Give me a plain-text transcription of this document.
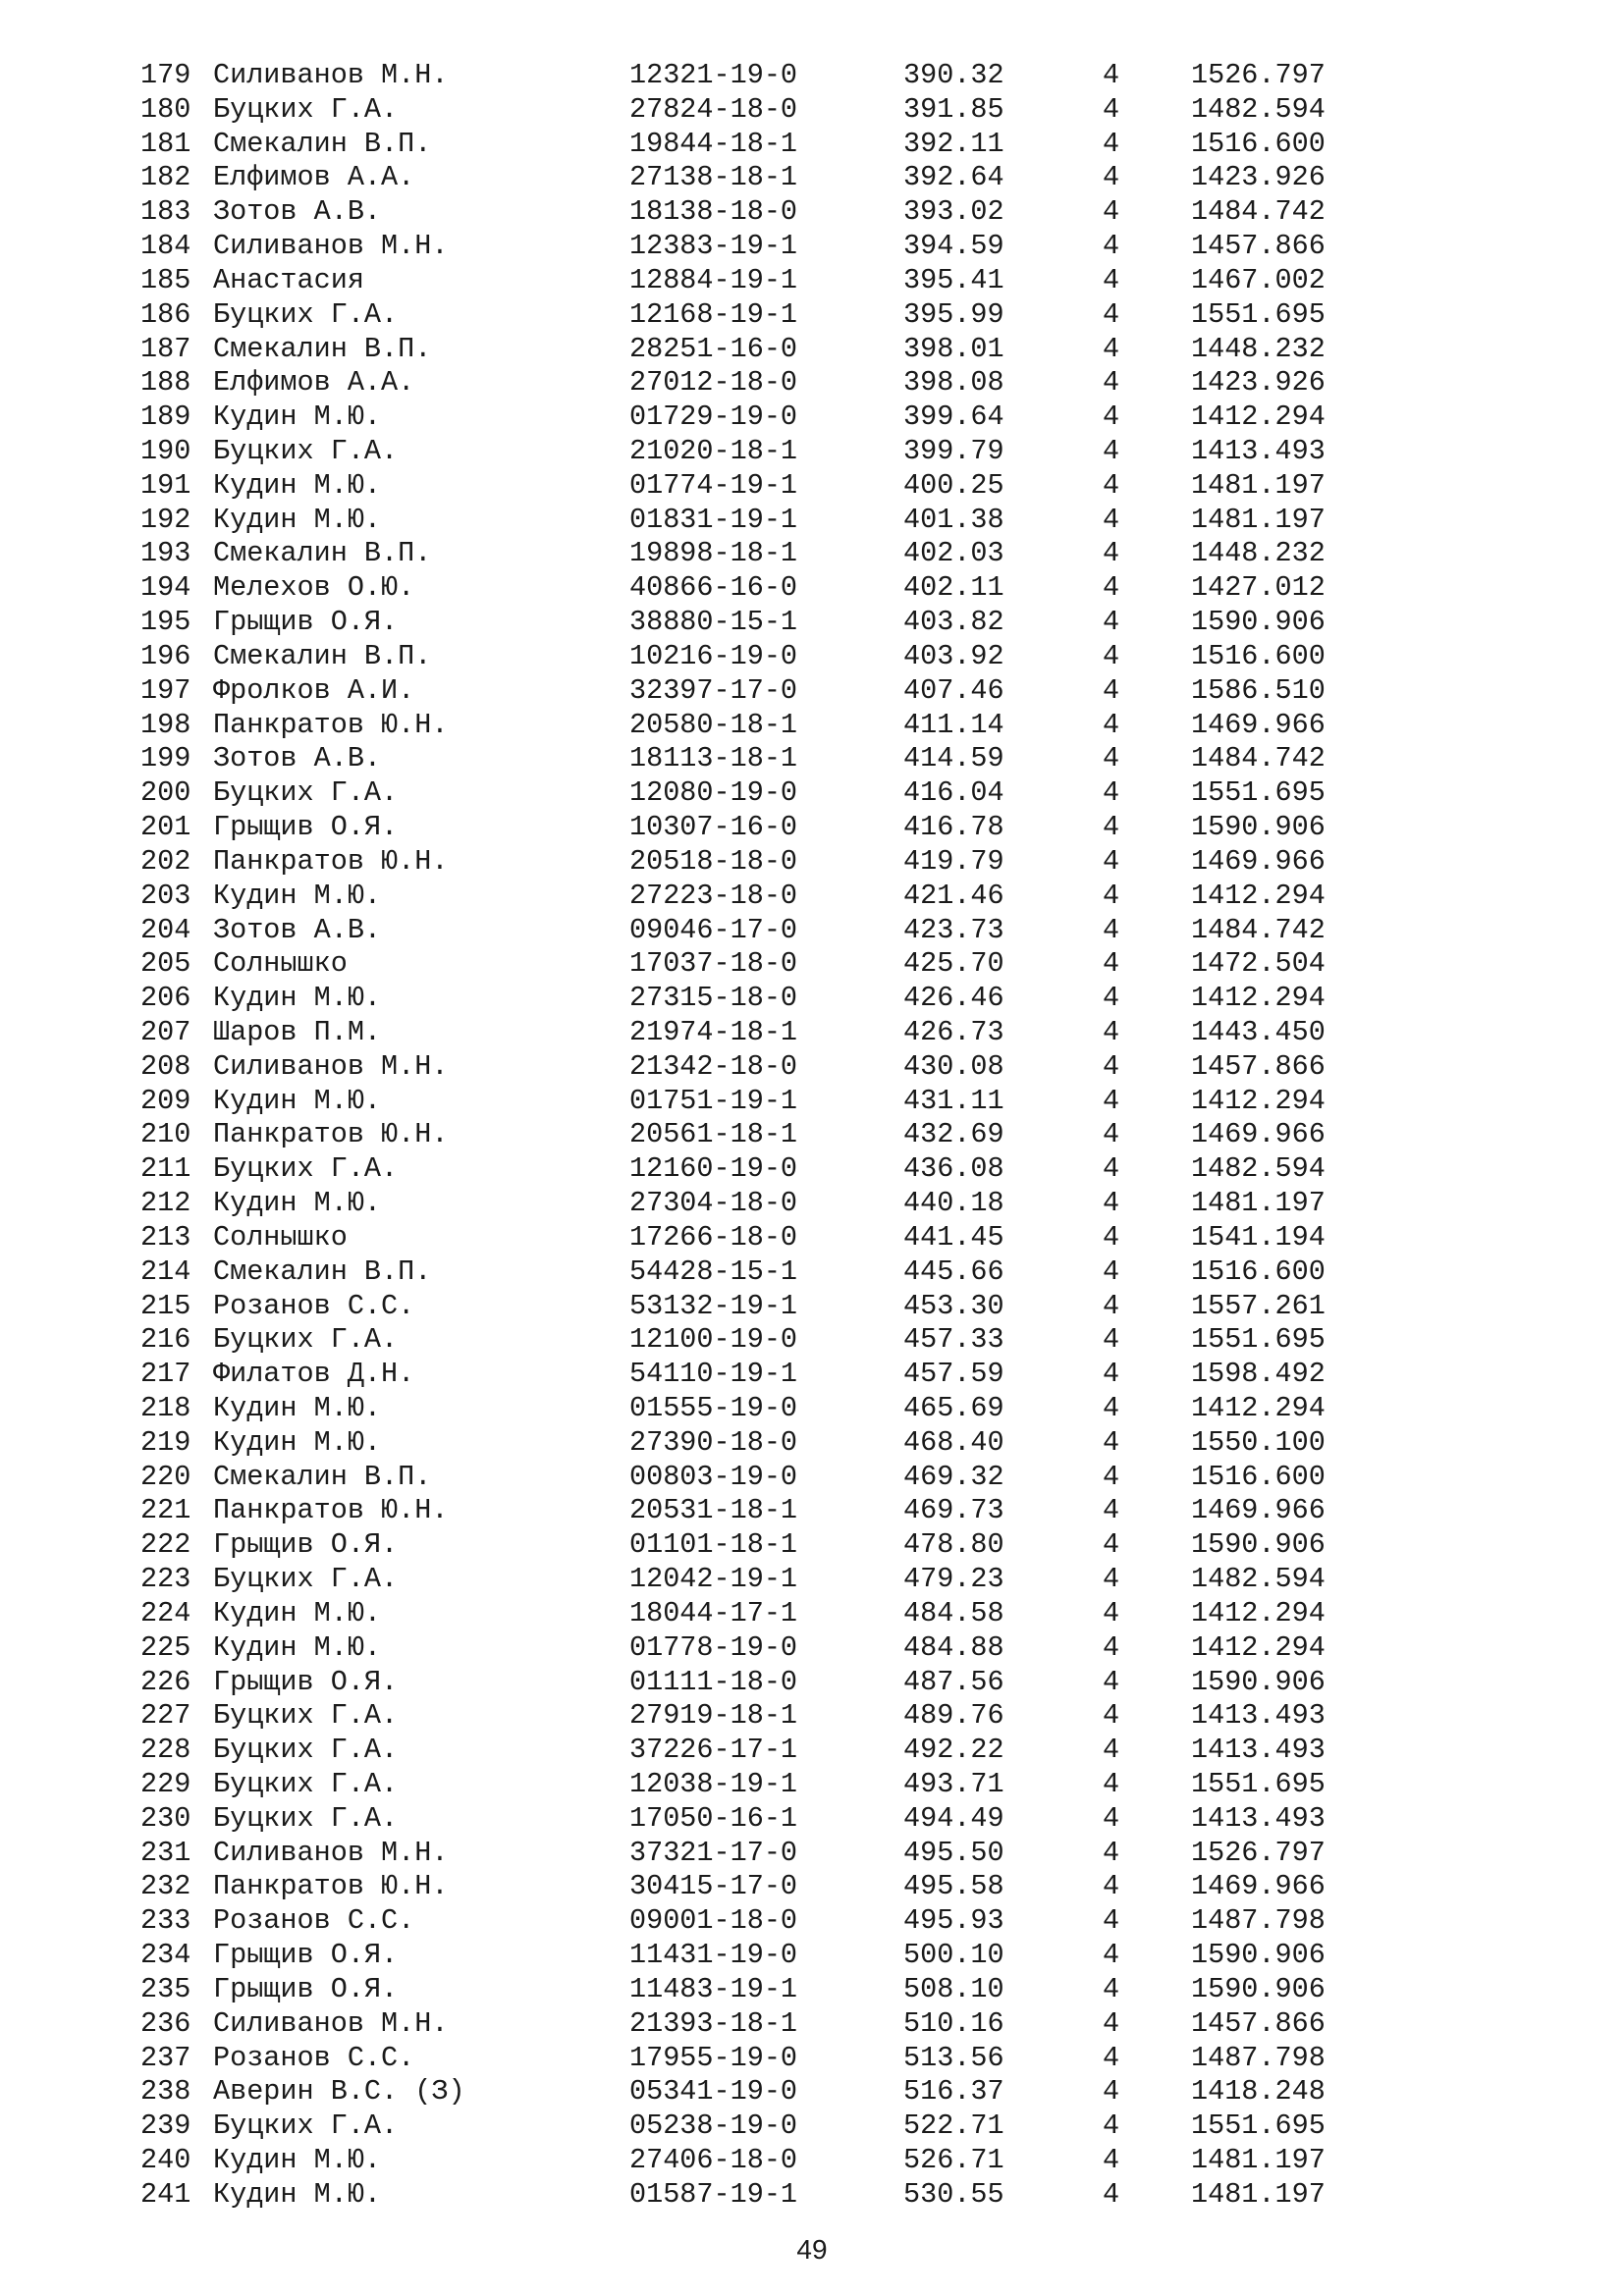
179 Силиванов М.Н.	12321-19-0	390.32	4	1526.797
180 Буцких Г.А.	27824-18-0	391.85	4	1482.594
181 Смекалин В.П.	19844-18-1	392.11	4	1516.600
182 Елфимов А.А.	27138-18-1	392.64	4	1423.926
183 Зотов А.В.	18138-18-0	393.02	4	1484.742
184 Силиванов М.Н.	12383-19-1	394.59	4	1457.866
185 Анастасия	12884-19-1	395.41	4	1467.002
186 Буцких Г.А.	12168-19-1	395.99	4	1551.695
187 Смекалин В.П.	28251-16-0	398.01	4	1448.232
188 Елфимов А.А.	27012-18-0	398.08	4	1423.926
189 Кудин М.Ю.	01729-19-0	399.64	4	1412.294
190 Буцких Г.А.	21020-18-1	399.79	4	1413.493
191 Кудин М.Ю.	01774-19-1	400.25	4	1481.197
192 Кудин М.Ю.	01831-19-1	401.38	4	1481.197
193 Смекалин В.П.	19898-18-1	402.03	4	1448.232
194 Мелехов О.Ю.	40866-16-0	402.11	4	1427.012
195 Грыщив О.Я.	38880-15-1	403.82	4	1590.906
196 Смекалин В.П.	10216-19-0	403.92	4	1516.600
197 Фролков А.И.	32397-17-0	407.46	4	1586.510
198 Панкратов Ю.Н.	20580-18-1	411.14	4	1469.966
199 Зотов А.В.	18113-18-1	414.59	4	1484.742
200 Буцких Г.А.	12080-19-0	416.04	4	1551.695
201 Грыщив О.Я.	10307-16-0	416.78	4	1590.906
202 Панкратов Ю.Н.	20518-18-0	419.79	4	1469.966
203 Кудин М.Ю.	27223-18-0	421.46	4	1412.294
204 Зотов А.В.	09046-17-0	423.73	4	1484.742
205 Солнышко	17037-18-0	425.70	4	1472.504
206 Кудин М.Ю.	27315-18-0	426.46	4	1412.294
207 Шаров П.М.	21974-18-1	426.73	4	1443.450
208 Силиванов М.Н.	21342-18-0	430.08	4	1457.866
209 Кудин М.Ю.	01751-19-1	431.11	4	1412.294
210 Панкратов Ю.Н.	20561-18-1	432.69	4	1469.966
211 Буцких Г.А.	12160-19-0	436.08	4	1482.594
212 Кудин М.Ю.	27304-18-0	440.18	4	1481.197
213 Солнышко	17266-18-0	441.45	4	1541.194
214 Смекалин В.П.	54428-15-1	445.66	4	1516.600
215 Розанов С.С.	53132-19-1	453.30	4	1557.261
216 Буцких Г.А.	12100-19-0	457.33	4	1551.695
217 Филатов Д.Н.	54110-19-1	457.59	4	1598.492
218 Кудин М.Ю.	01555-19-0	465.69	4	1412.294
219 Кудин М.Ю.	27390-18-0	468.40	4	1550.100
220 Смекалин В.П.	00803-19-0	469.32	4	1516.600
221 Панкратов Ю.Н.	20531-18-1	469.73	4	1469.966
222 Грыщив О.Я.	01101-18-1	478.80	4	1590.906
223 Буцких Г.А.	12042-19-1	479.23	4	1482.594
224 Кудин М.Ю.	18044-17-1	484.58	4	1412.294
225 Кудин М.Ю.	01778-19-0	484.88	4	1412.294
226 Грыщив О.Я.	01111-18-0	487.56	4	1590.906
227 Буцких Г.А.	27919-18-1	489.76	4	1413.493
228 Буцких Г.А.	37226-17-1	492.22	4	1413.493
229 Буцких Г.А.	12038-19-1	493.71	4	1551.695
230 Буцких Г.А.	17050-16-1	494.49	4	1413.493
231 Силиванов М.Н.	37321-17-0	495.50	4	1526.797
232 Панкратов Ю.Н.	30415-17-0	495.58	4	1469.966
233 Розанов С.С.	09001-18-0	495.93	4	1487.798
234 Грыщив О.Я.	11431-19-0	500.10	4	1590.906
235 Грыщив О.Я.	11483-19-1	508.10	4	1590.906
236 Силиванов М.Н.	21393-18-1	510.16	4	1457.866
237 Розанов С.С.	17955-19-0	513.56	4	1487.798
238 Аверин В.С. (З)	05341-19-0	516.37	4	1418.248
239 Буцких Г.А.	05238-19-0	522.71	4	1551.695
240 Кудин М.Ю.	27406-18-0	526.71	4	1481.197
241 Кудин М.Ю.	01587-19-1	530.55	4	1481.197
49
